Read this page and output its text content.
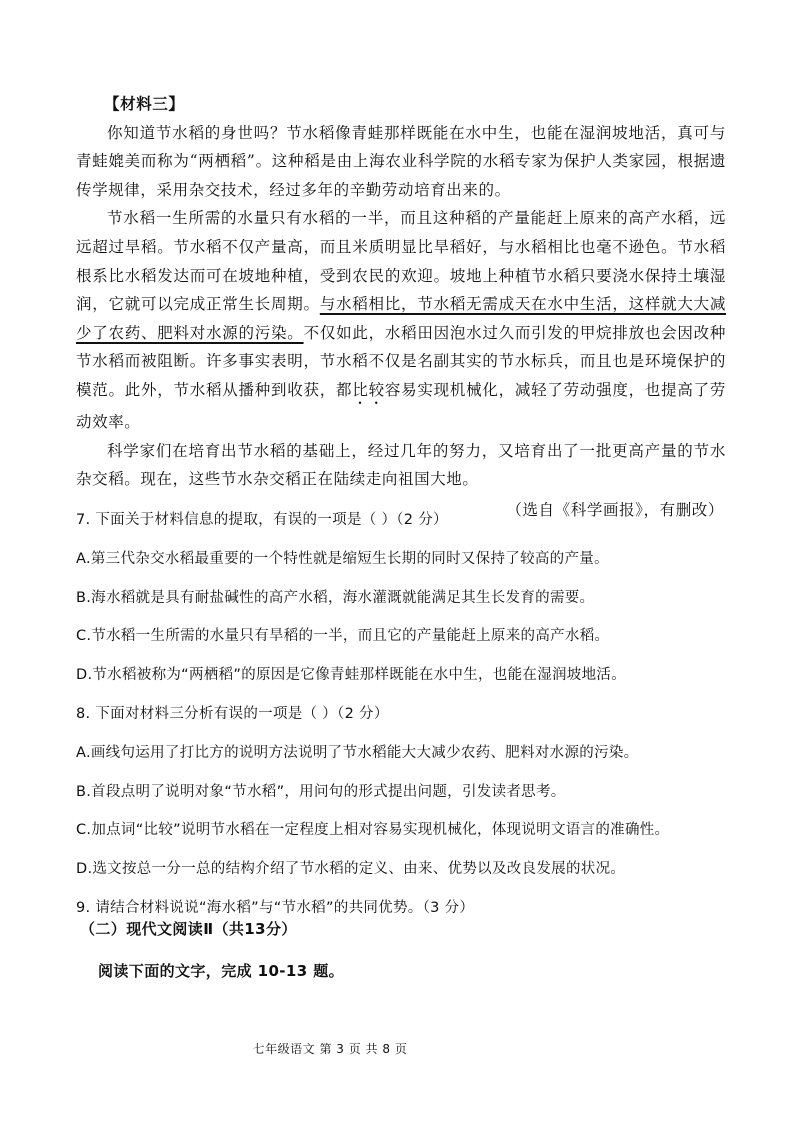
【材料三】

你知道节水稻的身世吗？节水稻像青蛙那样既能在水中生，也能在湿润坡地活，真可与青蛙媲美而称为“两栖稻”。这种稻是由上海农业科学院的水稻专家为保护人类家园，根据遗传学规律，采用杂交技术，经过多年的辛勤劳动培育出来的。

节水稻一生所需的水量只有水稻的一半，而且这种稻的产量能赶上原来的高产水稻，远远超过旱稻。节水稻不仅产量高，而且米质明显比旱稻好，与水稻相比也毫不逊色。节水稻根系比水稻发达而可在坡地种植，受到农民的欢迎。坡地上种植节水稻只要浇水保持土壤湿润，它就可以完成正常生长周期。与水稻相比，节水稻无需成天在水中生活，这样就大大减少了农药、肥料对水源的污染。不仅如此，水稻田因泡水过久而引发的甲烷排放也会因改种节水稻而被阻断。许多事实表明，节水稻不仅是名副其实的节水标兵，而且也是环境保护的模范。此外，节水稻从播种到收获，都比较容易实现机械化，减轻了劳动强度，也提高了劳动效率。

科学家们在培育出节水稻的基础上，经过几年的努力，又培育出了一批更高产量的节水杂交稻。现在，这些节水杂交稻正在陆续走向祖国大地。

（选自《科学画报》，有删改）

7. 下面关于材料信息的提取，有误的一项是（ ）（2 分）

A.第三代杂交水稻最重要的一个特性就是缩短生长期的同时又保持了较高的产量。

B.海水稻就是具有耐盐碱性的高产水稻，海水灌溉就能满足其生长发育的需要。

C.节水稻一生所需的水量只有旱稻的一半，而且它的产量能赶上原来的高产水稻。

D.节水稻被称为“两栖稻”的原因是它像青蛙那样既能在水中生，也能在湿润坡地活。

8. 下面对材料三分析有误的一项是（ ）（2 分）

A.画线句运用了打比方的说明方法说明了节水稻能大大减少农药、肥料对水源的污染。

B.首段点明了说明对象“节水稻”，用问句的形式提出问题，引发读者思考。

C.加点词“比较”说明节水稻在一定程度上相对容易实现机械化，体现说明文语言的准确性。

D.选文按总一分一总的结构介绍了节水稻的定义、由来、优势以及改良发展的状况。

9. 请结合材料说说“海水稻”与“节水稻”的共同优势。（3 分）

（二）现代文阅读Ⅱ（共13分）
阅读下面的文字，完成 10-13 题。
七年级语文 第 3 页 共 8 页
